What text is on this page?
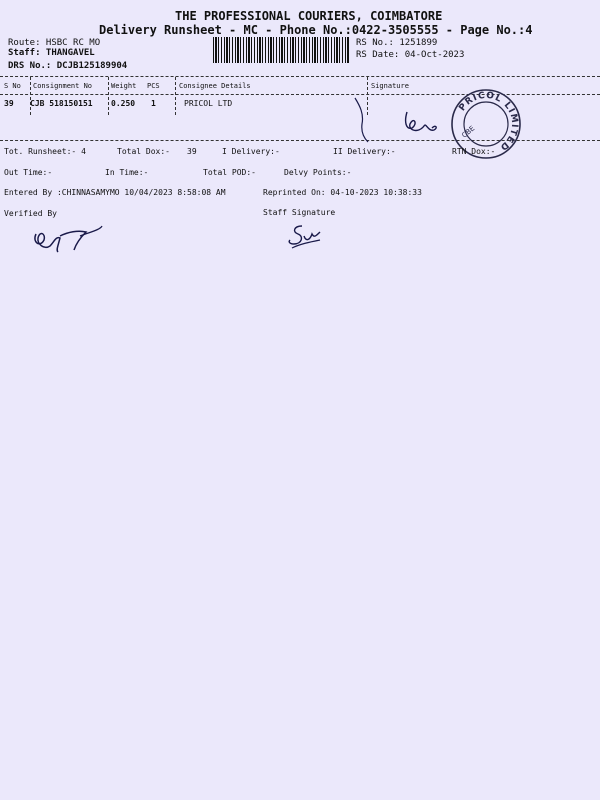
THE PROFESSIONAL COURIERS, COIMBATORE
Delivery Runsheet - MC - Phone No.:0422-3505555 - Page No.:4
Route: HSBC RC MO
Staff: THANGAVEL
DRS No.: DCJB125189904
RS No.: 1251899
RS Date: 04-Oct-2023
S No Consignment No	Weight PCS	Consignee Details	Signature
39 CJB 518150151 0.250 1	PRICOL LTD	PRICOL LIMITED
CBE
Tot. Runsheet:- 4	Total Dox:- 39	I Delivery:-	II Delivery:-	RTN Dox:-
Out Time:-	In Time:-	Total POD:-	Delvy Points:-
Entered By :CHINNASAMYMO 10/04/2023 8:58:08 AM	Reprinted On: 04-10-2023 10:38:33
Verified By	Staff Signature
